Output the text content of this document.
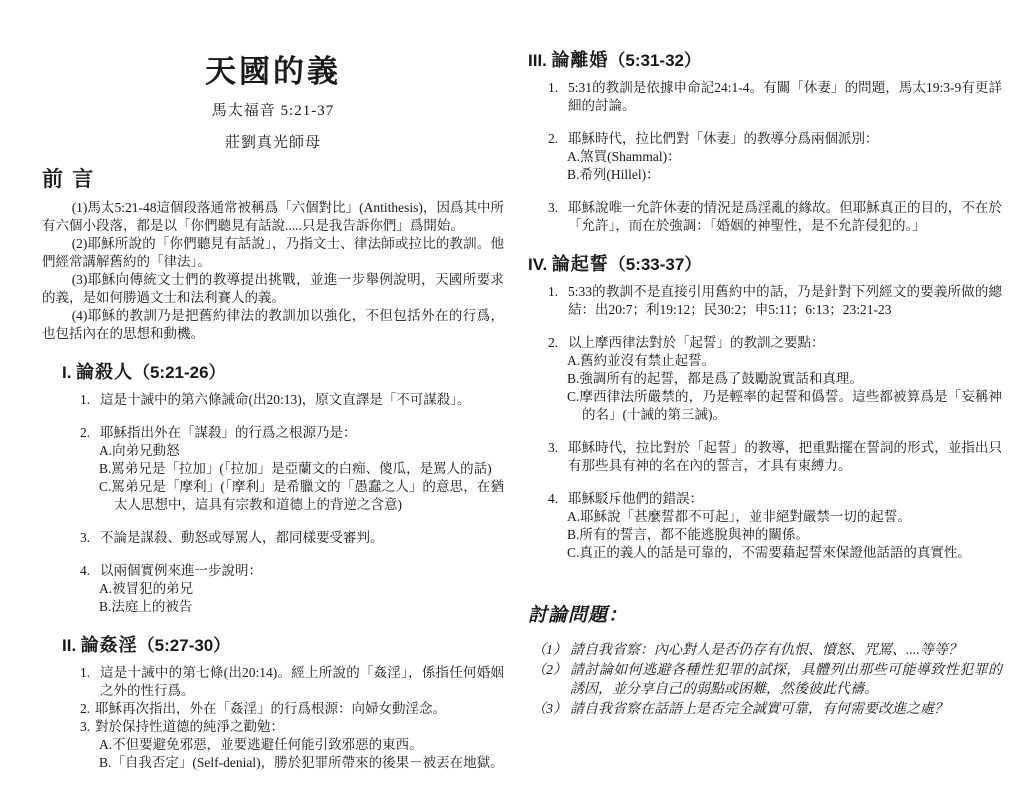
天國的義
馬太福音 5:21-37
莊劉真光師母
前 言

(1)馬太5:21-48這個段落通常被稱爲「六個對比」(Antithesis)，因爲其中所有六個小段落，都是以「你們聽見有話說.....只是我告訴你們」爲開始。

(2)耶穌所說的「你們聽見有話說」，乃指文士、律法師或拉比的教訓。他們經常講解舊約的「律法」。

(3)耶穌向傳統文士們的教導提出挑戰，並進一步舉例說明，天國所要求的義，是如何勝過文士和法利賽人的義。

(4)耶穌的教訓乃是把舊約律法的教訓加以強化，不但包括外在的行爲，也包括內在的思想和動機。

I. 論殺人（5:21-26）
1. 這是十誡中的第六條誡命(出20:13)，原文直譯是「不可謀殺」。
2. 耶穌指出外在「謀殺」的行爲之根源乃是：
A.向弟兄動怒
B.罵弟兄是「拉加」(「拉加」是亞蘭文的白痴、傻瓜，是罵人的話)
C.罵弟兄是「摩利」(「摩利」是希臘文的「愚蠢之人」的意思，在猶太人思想中，這具有宗教和道德上的背逆之含意)
3. 不論是謀殺、動怒或辱罵人，都同樣要受審判。
4. 以兩個實例來進一步說明：
A.被冒犯的弟兄
B.法庭上的被告
II. 論姦淫（5:27-30）
1. 這是十誡中的第七條(出20:14)。經上所說的「姦淫」，係指任何婚姻之外的性行爲。
2. 耶穌再次指出，外在「姦淫」的行爲根源：向婦女動淫念。
3. 對於保持性道德的純淨之勸勉：
A.不但要避免邪惡，並要逃避任何能引致邪惡的東西。
B.「自我否定」(Self-denial)，勝於犯罪所帶來的後果－被丟在地獄。
III. 論離婚（5:31-32）
1. 5:31的教訓是依據申命記24:1-4。有關「休妻」的問題，馬太19:3-9有更詳細的討論。
2. 耶穌時代，拉比們對「休妻」的教導分爲兩個派別：
A.煞買(Shammal)：
B.希列(Hillel)：
3. 耶穌說唯一允許休妻的情況是爲淫亂的緣故。但耶穌真正的目的，不在於「允許」，而在於強調：「婚姻的神聖性，是不允許侵犯的。」
IV. 論起誓（5:33-37）
1. 5:33的教訓不是直接引用舊約中的話，乃是針對下列經文的要義所做的總結：出20:7；利19:12；民30:2；申5:11；6:13；23:21-23
2. 以上摩西律法對於「起誓」的教訓之要點：
A.舊約並沒有禁止起誓。
B.強調所有的起誓，都是爲了鼓勵說實話和真理。
C.摩西律法所嚴禁的，乃是輕率的起誓和僞誓。這些都被算爲是「妄稱神的名」(十誡的第三誡)。
3. 耶穌時代，拉比對於「起誓」的教導，把重點擺在誓詞的形式，並指出只有那些具有神的名在內的誓言，才具有束縛力。
4. 耶穌駁斥他們的錯誤：
A.耶穌說「甚麼誓都不可起」，並非絕對嚴禁一切的起誓。
B.所有的誓言，都不能逃脫與神的關係。
C.真正的義人的話是可靠的，不需要藉起誓來保證他話語的真實性。
討論問題：
（1） 請自我省察：內心對人是否仍存有仇恨、憤怒、咒罵、....等等？
（2） 請討論如何逃避各種性犯罪的試探，具體列出那些可能導致性犯罪的誘因，並分享自己的弱點或困難，然後彼此代禱。
（3） 請自我省察在話語上是否完全誠實可靠，有何需要改進之處？
